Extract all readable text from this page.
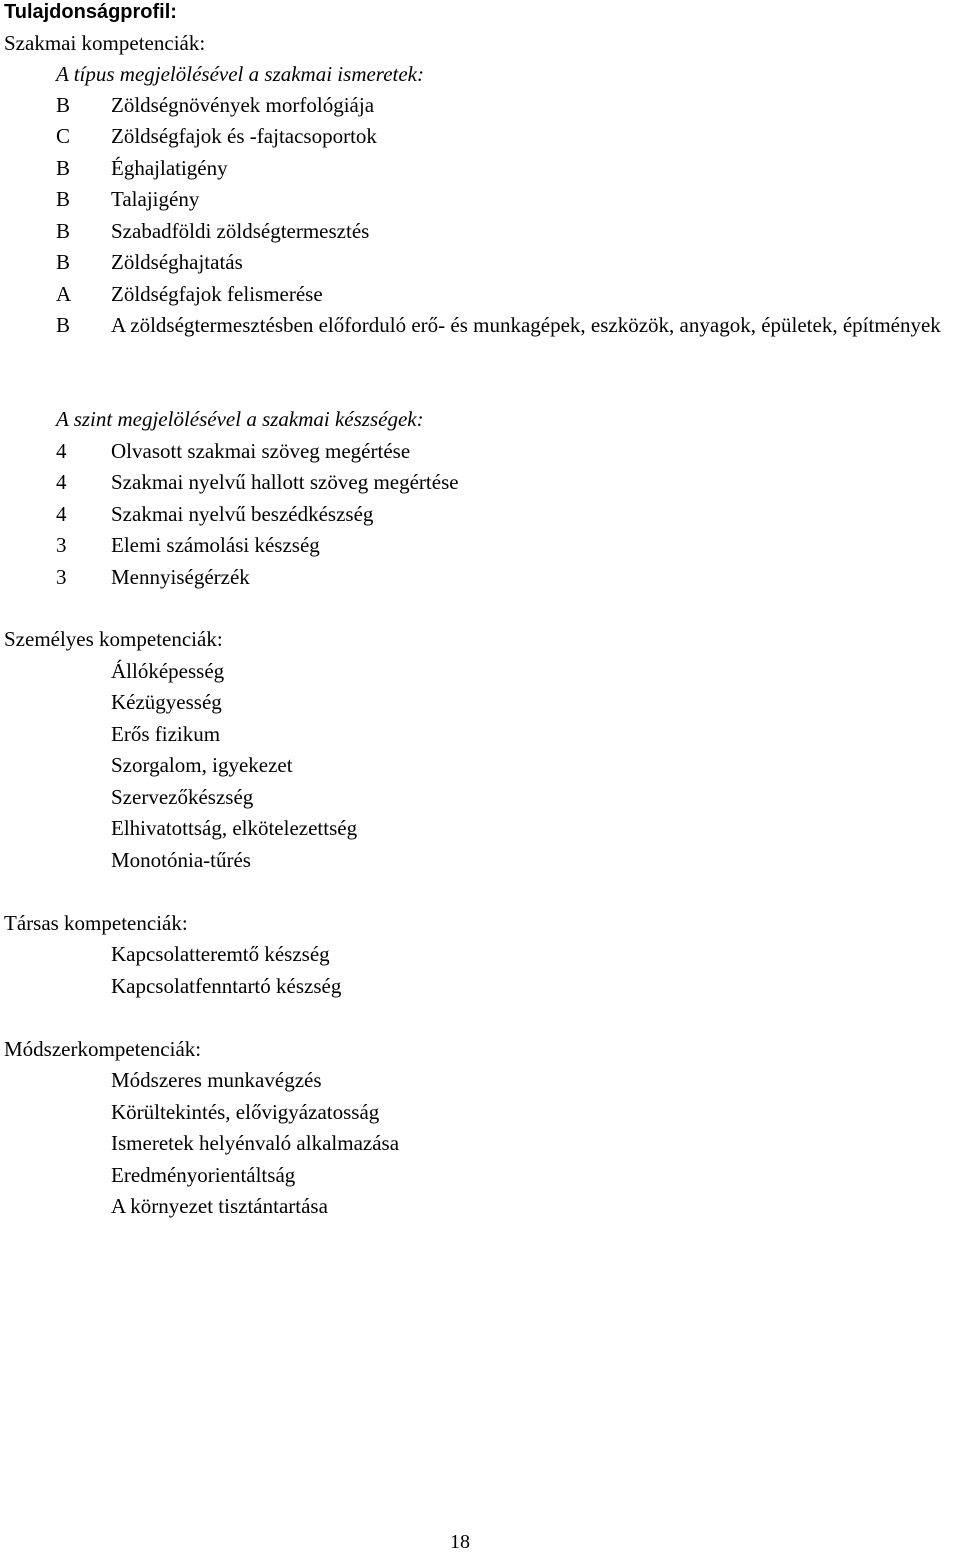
Tulajdonságprofil:
Szakmai kompetenciák:
A típus megjelölésével a szakmai ismeretek:
B	Zöldségnövények morfológiája
C	Zöldségfajok és -fajtacsoportok
B	Éghajlatigény
B	Talajigény
B	Szabadföldi zöldségtermesztés
B	Zöldséghajtatás
A	Zöldségfajok felismerése
B	A zöldségtermesztésben előforduló erő- és munkagépek, eszközök, anyagok, épületek, építmények
A szint megjelölésével a szakmai készségek:
4	Olvasott szakmai szöveg megértése
4	Szakmai nyelvű hallott szöveg megértése
4	Szakmai nyelvű beszédkészség
3	Elemi számolási készség
3	Mennyiségérzék
Személyes kompetenciák:
Állóképesség
Kézügyesség
Erős fizikum
Szorgalom, igyekezet
Szervezőkészség
Elhivatottság, elkötelezettség
Monotónia-tűrés
Társas kompetenciák:
Kapcsolatteremtő készség
Kapcsolatfenntartó készség
Módszerkompetenciák:
Módszeres munkavégzés
Körültekintés, elővigyázatosság
Ismeretek helyénvaló alkalmazása
Eredményorientáltság
A környezet tisztántartása
18
